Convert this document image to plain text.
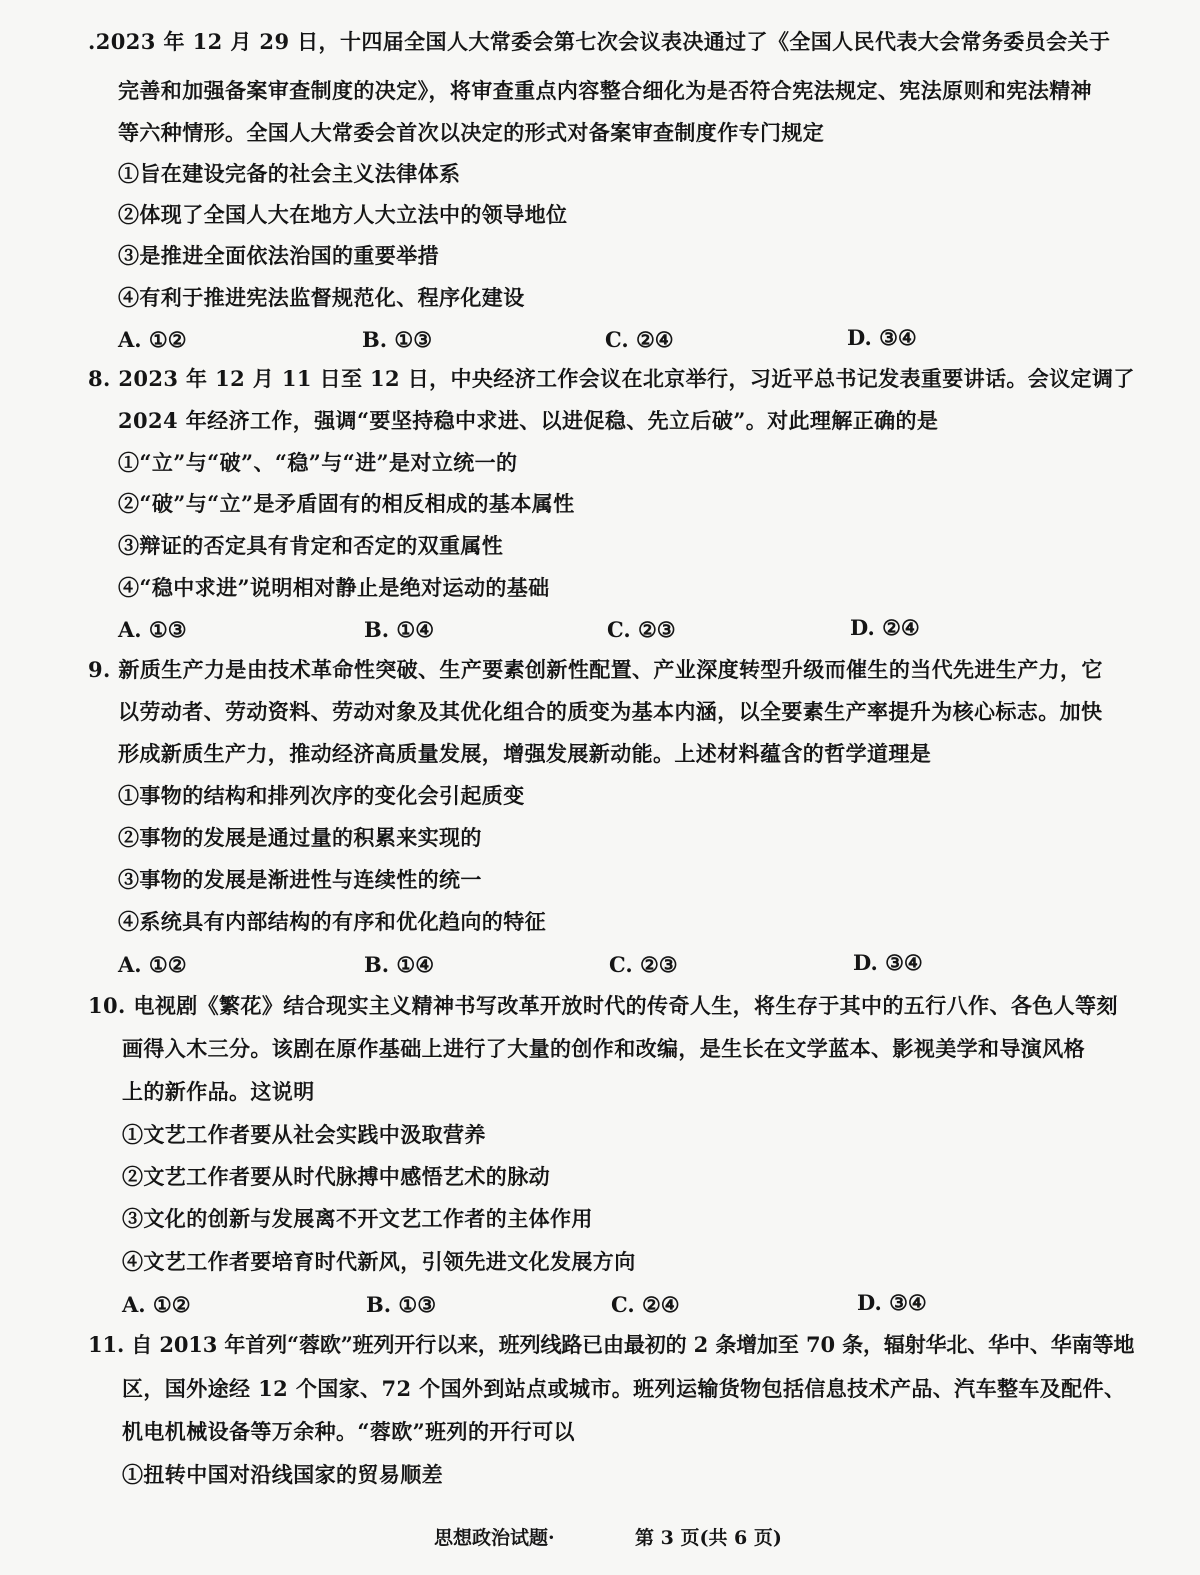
.2023 年 12 月 29 日，十四届全国人大常委会第七次会议表决通过了《全国人民代表大会常务委员会关于
完善和加强备案审查制度的决定》，将审查重点内容整合细化为是否符合宪法规定、宪法原则和宪法精神
等六种情形。全国人大常委会首次以决定的形式对备案审查制度作专门规定
①旨在建设完备的社会主义法律体系
②体现了全国人大在地方人大立法中的领导地位
③是推进全面依法治国的重要举措
④有利于推进宪法监督规范化、程序化建设
A. ①②	B. ①③	C. ②④	D. ③④
8. 2023 年 12 月 11 日至 12 日，中央经济工作会议在北京举行，习近平总书记发表重要讲话。会议定调了
2024 年经济工作，强调“要坚持稳中求进、以进促稳、先立后破”。对此理解正确的是
①“立”与“破”、“稳”与“进”是对立统一的
②“破”与“立”是矛盾固有的相反相成的基本属性
③辩证的否定具有肯定和否定的双重属性
④“稳中求进”说明相对静止是绝对运动的基础
A. ①③	B. ①④	C. ②③	D. ②④
9. 新质生产力是由技术革命性突破、生产要素创新性配置、产业深度转型升级而催生的当代先进生产力，它
以劳动者、劳动资料、劳动对象及其优化组合的质变为基本内涵，以全要素生产率提升为核心标志。加快
形成新质生产力，推动经济高质量发展，增强发展新动能。上述材料蕴含的哲学道理是
①事物的结构和排列次序的变化会引起质变
②事物的发展是通过量的积累来实现的
③事物的发展是渐进性与连续性的统一
④系统具有内部结构的有序和优化趋向的特征
A. ①②	B. ①④	C. ②③	D. ③④
10. 电视剧《繁花》结合现实主义精神书写改革开放时代的传奇人生，将生存于其中的五行八作、各色人等刻
画得入木三分。该剧在原作基础上进行了大量的创作和改编，是生长在文学蓝本、影视美学和导演风格
上的新作品。这说明
①文艺工作者要从社会实践中汲取营养
②文艺工作者要从时代脉搏中感悟艺术的脉动
③文化的创新与发展离不开文艺工作者的主体作用
④文艺工作者要培育时代新风，引领先进文化发展方向
A. ①②	B. ①③	C. ②④	D. ③④
11. 自 2013 年首列“蓉欧”班列开行以来，班列线路已由最初的 2 条增加至 70 条，辐射华北、华中、华南等地
区，国外途经 12 个国家、72 个国外到站点或城市。班列运输货物包括信息技术产品、汽车整车及配件、
机电机械设备等万余种。“蓉欧”班列的开行可以
①扭转中国对沿线国家的贸易顺差
思想政治试题·	第 3 页(共 6 页)
